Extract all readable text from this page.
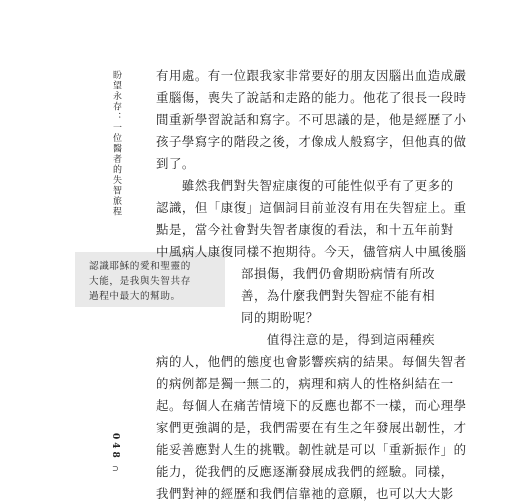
盼望永存：一位醫者的失智旅程
認識耶穌的愛和聖靈的
大能，是我與失智共存
過程中最大的幫助。
有用處。有一位跟我家非常要好的朋友因腦出血造成嚴
重腦傷，喪失了說話和走路的能力。他花了很長一段時
間重新學習說話和寫字。不可思議的是，他是經歷了小
孩子學寫字的階段之後，才像成人般寫字，但他真的做
到了。
　　雖然我們對失智症康復的可能性似乎有了更多的
認識，但「康復」這個詞目前並沒有用在失智症上。重
點是，當今社會對失智者康復的看法，和十五年前對
中風病人康復同樣不抱期待。今天，儘管病人中風後腦
部損傷，我們仍會期盼病情有所改
善，為什麼我們對失智症不能有相
同的期盼呢？
　　值得注意的是，得到這兩種疾
病的人，他們的態度也會影響疾病的結果。每個失智者
的病例都是獨一無二的，病理和病人的性格糾結在一
起。每個人在痛苦情境下的反應也都不一樣，而心理學
家們更強調的是，我們需要在有生之年發展出韌性，才
能妥善應對人生的挑戰。韌性就是可以「重新振作」的
能力，從我們的反應逐漸發展成我們的經驗。同樣，
我們對神的經歷和我們信靠祂的意願，也可以大大影
048
⊃
